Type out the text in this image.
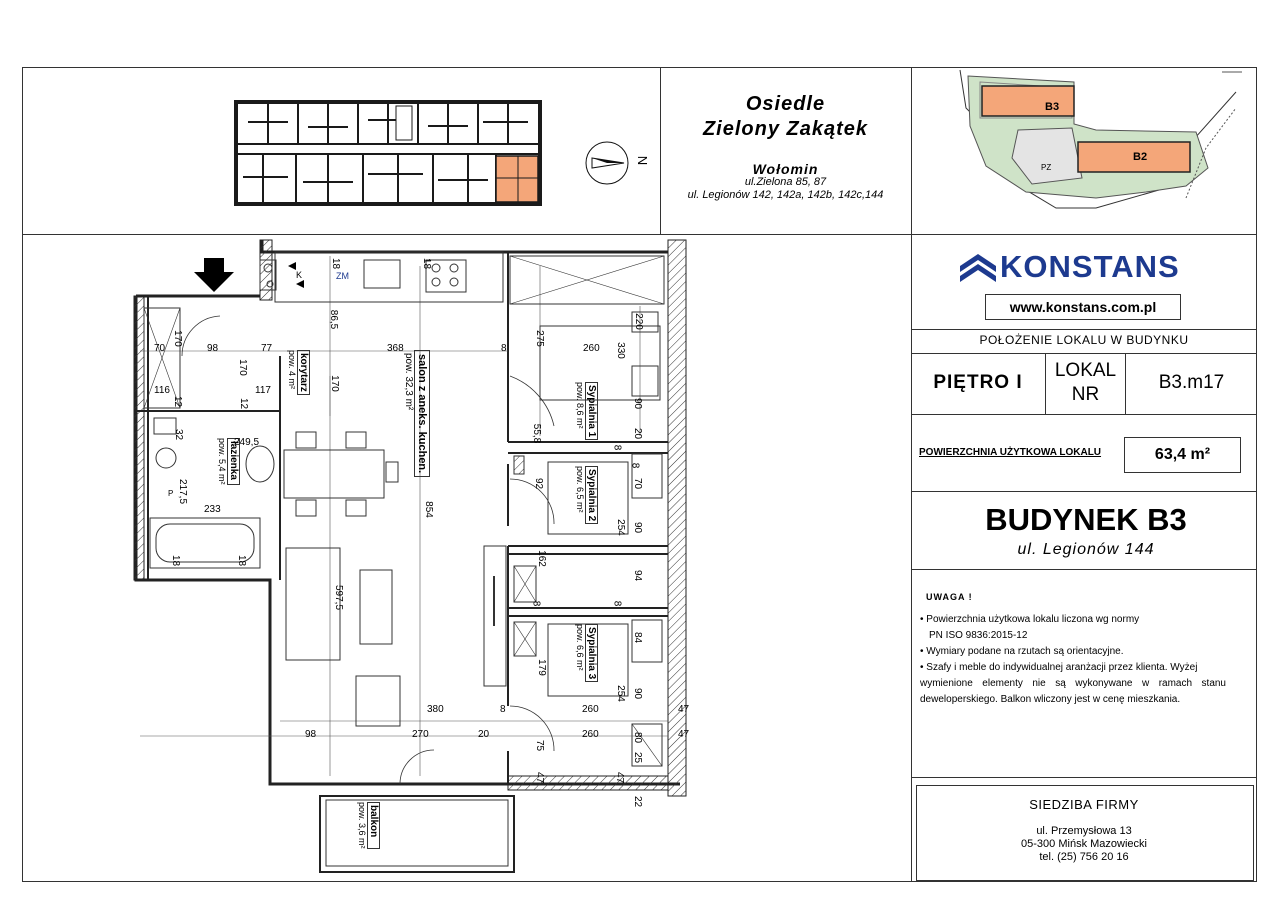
N
Osiedle
Zielony Zakątek
Wołomin
ul.Zielona 85, 87
ul. Legionów 142, 142a, 142b, 142c,144
B3
B2
PZ
KONSTANS
www.konstans.com.pl
POŁOŻENIE LOKALU W BUDYNKU
PIĘTRO I
LOKAL
NR
B3.m17
POWIERZCHNIA UŻYTKOWA LOKALU	63,4 m²
BUDYNEK B3
ul. Legionów 144
UWAGA !
• Powierzchnia użytkowa lokalu liczona wg normy
PN ISO 9836:2015-12
• Wymiary podane na rzutach są orientacyjne.
• Szafy i meble do indywidualnej aranżacji przez klienta. Wyżej
wymienione elementy nie są wykonywane w ramach stanu
deweloperskiego. Balkon wliczony jest w cenę mieszkania.
SIEDZIBA FIRMY
ul. Przemysłowa 13
05-300 Mińsk Mazowiecki
tel. (25) 756 20 16
salon z aneks. kuchen.
pow. 32,3 m²
korytarz
pow. 4 m²
łazienka
pow. 5,4 m²
Sypialnia 1
pow. 8,6 m²
Sypialnia 2
pow. 6,5 m²
Sypialnia 3
pow. 6,6 m²
balkon
pow. 3,6 m²
ZM
K
P
18	18
86,5
70	98	77	368	8
275
260 330
220
170
170
170
116	117
12	12
32
249,5
217,5
233
18	18
55,8
8
90
20
92
8
70
254 90
854
162
94
8	8
597,5
84
179
254 90
380	8	260	47
98	270	20
75
260	80	47
25
47	47
22
